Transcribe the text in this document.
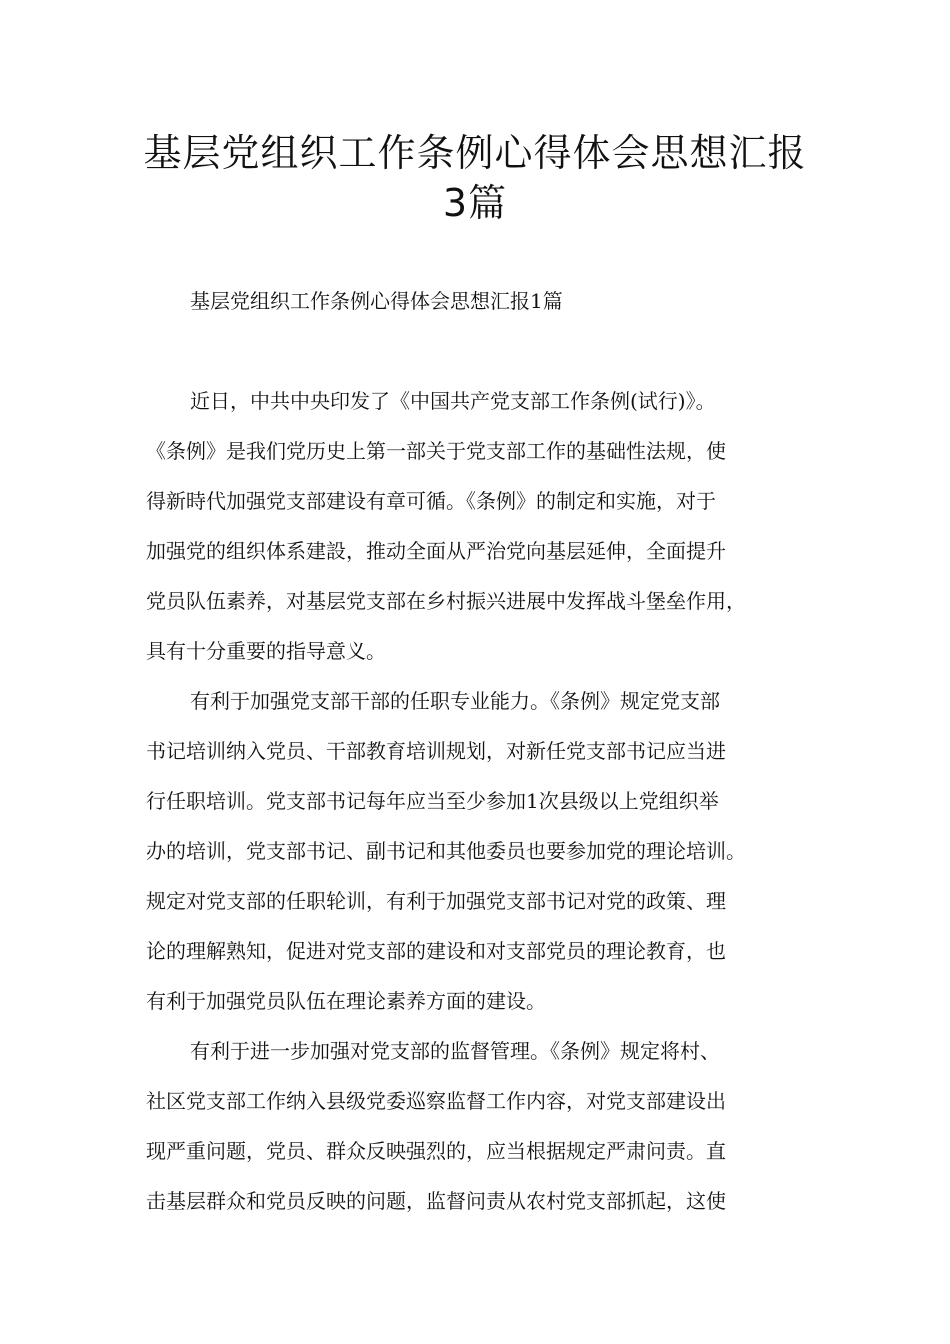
基层党组织工作条例心得体会思想汇报
3篇
基层党组织工作条例心得体会思想汇报1篇
近日，中共中央印发了《中国共产党支部工作条例(试行)》。
《条例》是我们党历史上第一部关于党支部工作的基础性法规，使
得新時代加强党支部建设有章可循。《条例》的制定和实施，对于
加强党的组织体系建設，推动全面从严治党向基层延伸，全面提升
党员队伍素养，对基层党支部在乡村振兴进展中发挥战斗堡垒作用，
具有十分重要的指导意义。
有利于加强党支部干部的任职专业能力。《条例》规定党支部
书记培训纳入党员、干部教育培训规划，对新任党支部书记应当进
行任职培训。党支部书记每年应当至少参加1次县级以上党组织举
办的培训，党支部书记、副书记和其他委员也要参加党的理论培训。
规定对党支部的任职轮训，有利于加强党支部书记对党的政策、理
论的理解熟知，促进对党支部的建设和对支部党员的理论教育，也
有利于加强党员队伍在理论素养方面的建设。
有利于进一步加强对党支部的监督管理。《条例》规定将村、
社区党支部工作纳入县级党委巡察监督工作内容，对党支部建设出
现严重问题，党员、群众反映强烈的，应当根据规定严肃问责。直
击基层群众和党员反映的问题，监督问责从农村党支部抓起，这使
